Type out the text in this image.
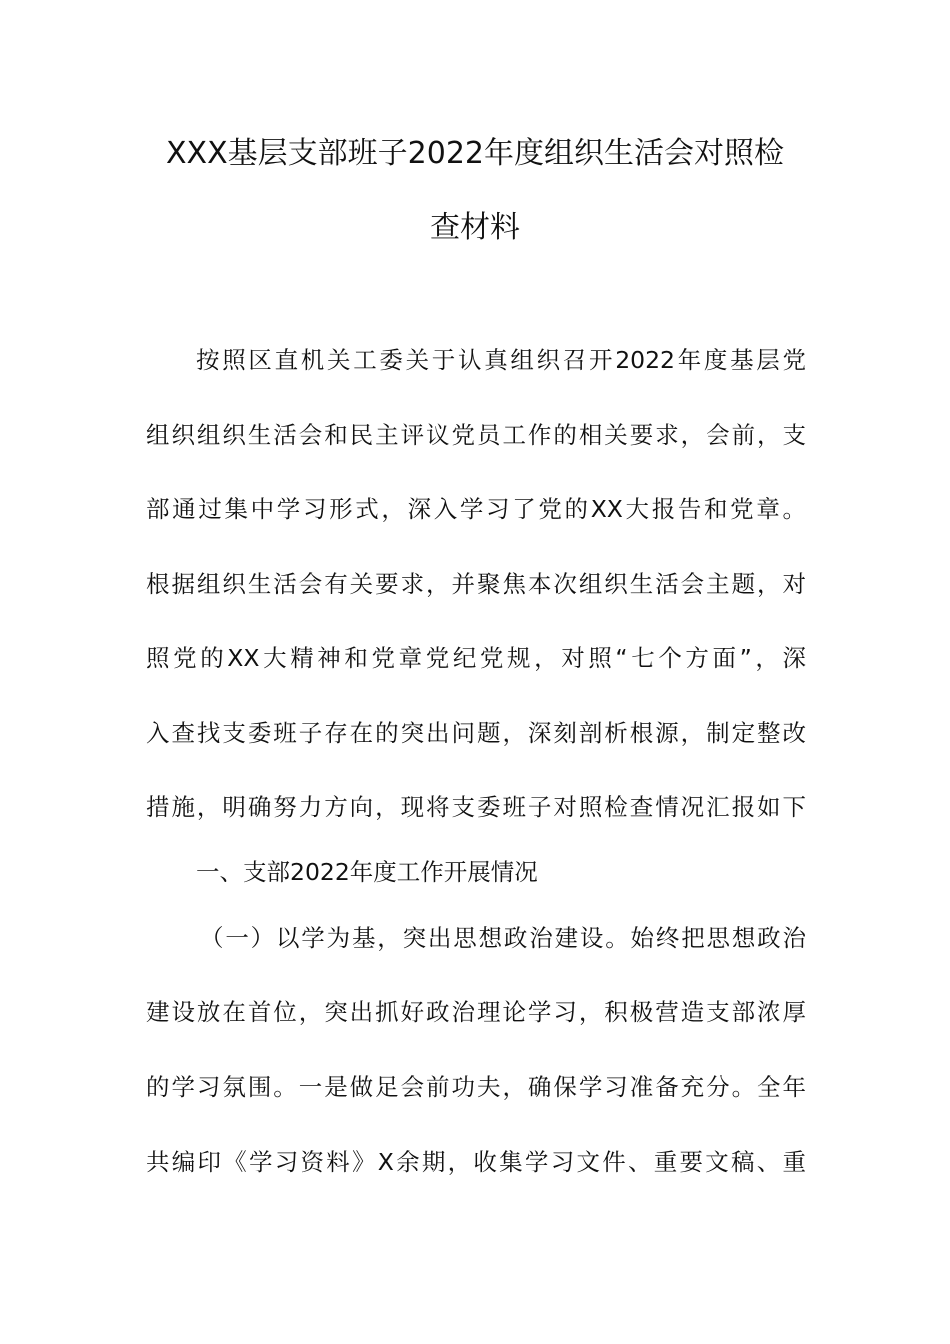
XXX基层支部班子2022年度组织生活会对照检
查材料
按照区直机关工委关于认真组织召开2022年度基层党
组织组织生活会和民主评议党员工作的相关要求，会前，支
部通过集中学习形式，深入学习了党的XX大报告和党章。
根据组织生活会有关要求，并聚焦本次组织生活会主题，对
照党的XX大精神和党章党纪党规，对照“七个方面”，深
入查找支委班子存在的突出问题，深刻剖析根源，制定整改
措施，明确努力方向，现将支委班子对照检查情况汇报如下
一、支部2022年度工作开展情况
（一）以学为基，突出思想政治建设。始终把思想政治
建设放在首位，突出抓好政治理论学习，积极营造支部浓厚
的学习氛围。一是做足会前功夫，确保学习准备充分。全年
共编印《学习资料》X余期，收集学习文件、重要文稿、重
